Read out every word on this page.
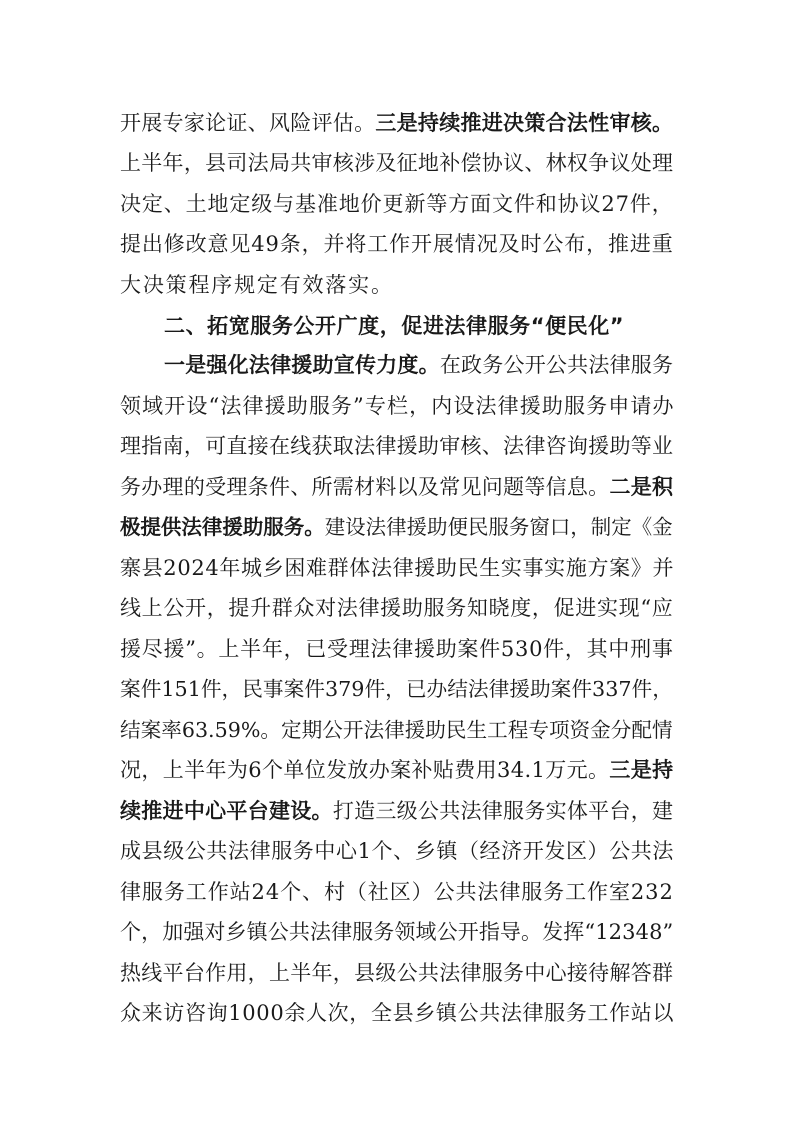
开展专家论证、风险评估。三是持续推进决策合法性审核。
上半年，县司法局共审核涉及征地补偿协议、林权争议处理
决定、土地定级与基准地价更新等方面文件和协议27件，
提出修改意见49条，并将工作开展情况及时公布，推进重
大决策程序规定有效落实。
二、拓宽服务公开广度，促进法律服务“便民化”
一是强化法律援助宣传力度。在政务公开公共法律服务
领域开设“法律援助服务”专栏，内设法律援助服务申请办
理指南，可直接在线获取法律援助审核、法律咨询援助等业
务办理的受理条件、所需材料以及常见问题等信息。二是积
极提供法律援助服务。建设法律援助便民服务窗口，制定《金
寨县2024年城乡困难群体法律援助民生实事实施方案》并
线上公开，提升群众对法律援助服务知晓度，促进实现“应
援尽援”。上半年，已受理法律援助案件530件，其中刑事
案件151件，民事案件379件，已办结法律援助案件337件，
结案率63.59%。定期公开法律援助民生工程专项资金分配情
况，上半年为6个单位发放办案补贴费用34.1万元。三是持
续推进中心平台建设。打造三级公共法律服务实体平台，建
成县级公共法律服务中心1个、乡镇（经济开发区）公共法
律服务工作站24个、村（社区）公共法律服务工作室232
个，加强对乡镇公共法律服务领域公开指导。发挥“12348”
热线平台作用，上半年，县级公共法律服务中心接待解答群
众来访咨询1000余人次，全县乡镇公共法律服务工作站以
